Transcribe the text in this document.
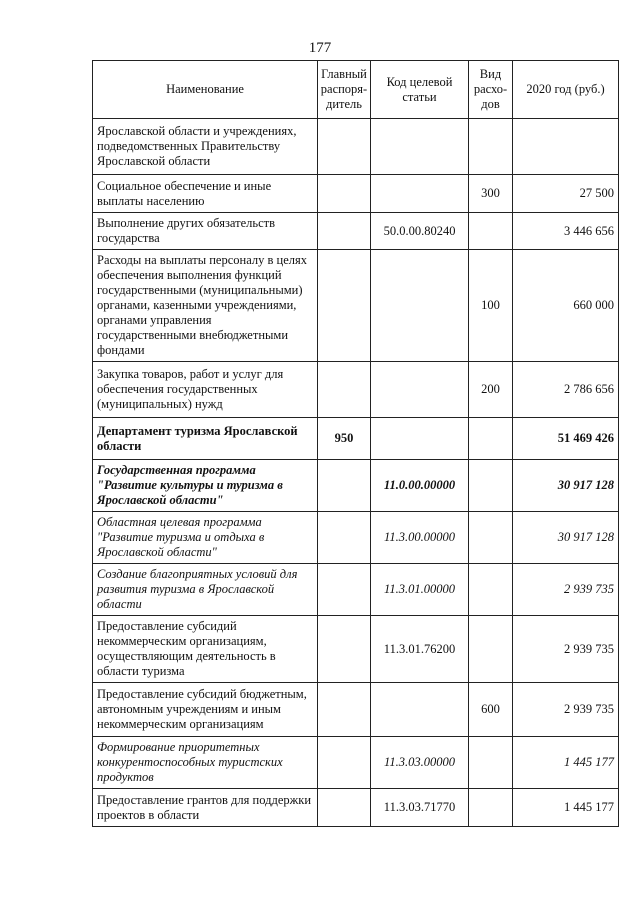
177
Наименование	Главный распоря-дитель	Код целевой статьи	Вид расхо-дов	2020 год (руб.)
Ярославской области и учреждениях, подведомственных Правительству Ярославской области				
Социальное обеспечение и иные выплаты населению			300	27 500
Выполнение других обязательств государства		50.0.00.80240		3 446 656
Расходы на выплаты персоналу в целях обеспечения выполнения функций государственными (муниципальными) органами, казенными учреждениями, органами управления государственными внебюджетными фондами			100	660 000
Закупка товаров, работ и услуг для обеспечения государственных (муниципальных) нужд			200	2 786 656
Департамент туризма Ярославской области	950			51 469 426
Государственная программа "Развитие культуры и туризма в Ярославской области"		11.0.00.00000		30 917 128
Областная целевая программа "Развитие туризма и отдыха в Ярославской области"		11.3.00.00000		30 917 128
Создание благоприятных условий для развития туризма в Ярославской области		11.3.01.00000		2 939 735
Предоставление субсидий некоммерческим организациям, осуществляющим деятельность в области туризма		11.3.01.76200		2 939 735
Предоставление субсидий бюджетным, автономным учреждениям и иным некоммерческим организациям			600	2 939 735
Формирование приоритетных конкурентоспособных туристских продуктов		11.3.03.00000		1 445 177
Предоставление грантов для поддержки проектов в области		11.3.03.71770		1 445 177
